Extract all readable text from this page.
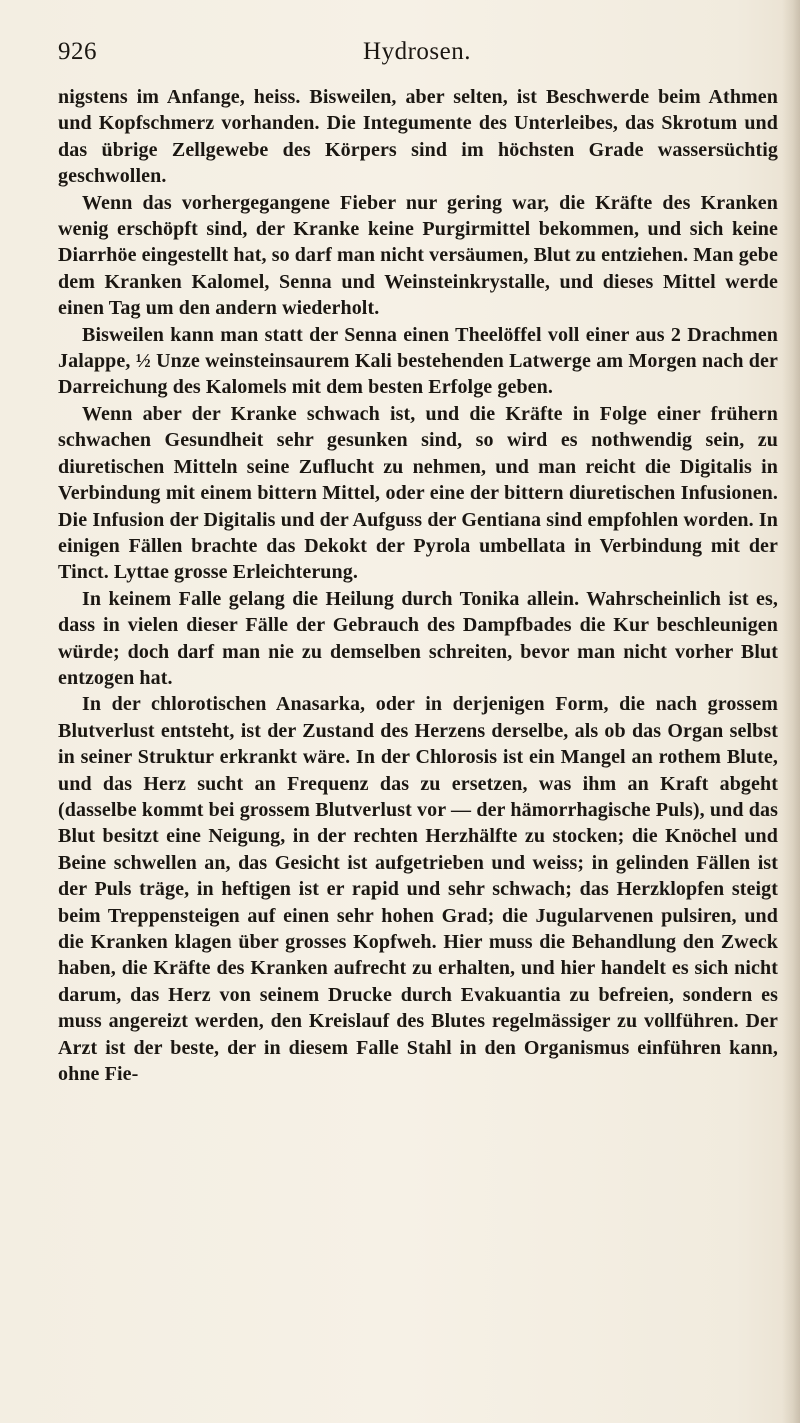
926	Hydrosen.

nigstens im Anfange, heiss. Bisweilen, aber selten, ist Beschwerde beim Athmen und Kopfschmerz vorhanden. Die Integumente des Unterleibes, das Skrotum und das übrige Zellgewebe des Körpers sind im höchsten Grade wassersüchtig geschwollen.

Wenn das vorhergegangene Fieber nur gering war, die Kräfte des Kranken wenig erschöpft sind, der Kranke keine Purgirmittel bekommen, und sich keine Diarrhöe eingestellt hat, so darf man nicht versäumen, Blut zu entziehen. Man gebe dem Kranken Kalomel, Senna und Weinsteinkrystalle, und dieses Mittel werde einen Tag um den andern wiederholt.

Bisweilen kann man statt der Senna einen Theelöffel voll einer aus 2 Drachmen Jalappe, ½ Unze weinsteinsaurem Kali bestehenden Latwerge am Morgen nach der Darreichung des Kalomels mit dem besten Erfolge geben.

Wenn aber der Kranke schwach ist, und die Kräfte in Folge einer frühern schwachen Gesundheit sehr gesunken sind, so wird es nothwendig sein, zu diuretischen Mitteln seine Zuflucht zu nehmen, und man reicht die Digitalis in Verbindung mit einem bittern Mittel, oder eine der bittern diuretischen Infusionen. Die Infusion der Digitalis und der Aufguss der Gentiana sind empfohlen worden. In einigen Fällen brachte das Dekokt der Pyrola umbellata in Verbindung mit der Tinct. Lyttae grosse Erleichterung.

In keinem Falle gelang die Heilung durch Tonika allein. Wahrscheinlich ist es, dass in vielen dieser Fälle der Gebrauch des Dampfbades die Kur beschleunigen würde; doch darf man nie zu demselben schreiten, bevor man nicht vorher Blut entzogen hat.

In der chlorotischen Anasarka, oder in derjenigen Form, die nach grossem Blutverlust entsteht, ist der Zustand des Herzens derselbe, als ob das Organ selbst in seiner Struktur erkrankt wäre. In der Chlorosis ist ein Mangel an rothem Blute, und das Herz sucht an Frequenz das zu ersetzen, was ihm an Kraft abgeht (dasselbe kommt bei grossem Blutverlust vor — der hämorrhagische Puls), und das Blut besitzt eine Neigung, in der rechten Herzhälfte zu stocken; die Knöchel und Beine schwellen an, das Gesicht ist aufgetrieben und weiss; in gelinden Fällen ist der Puls träge, in heftigen ist er rapid und sehr schwach; das Herzklopfen steigt beim Treppensteigen auf einen sehr hohen Grad; die Jugularvenen pulsiren, und die Kranken klagen über grosses Kopfweh. Hier muss die Behandlung den Zweck haben, die Kräfte des Kranken aufrecht zu erhalten, und hier handelt es sich nicht darum, das Herz von seinem Drucke durch Evakuantia zu befreien, sondern es muss angereizt werden, den Kreislauf des Blutes regelmässiger zu vollführen. Der Arzt ist der beste, der in diesem Falle Stahl in den Organismus einführen kann, ohne Fie-
